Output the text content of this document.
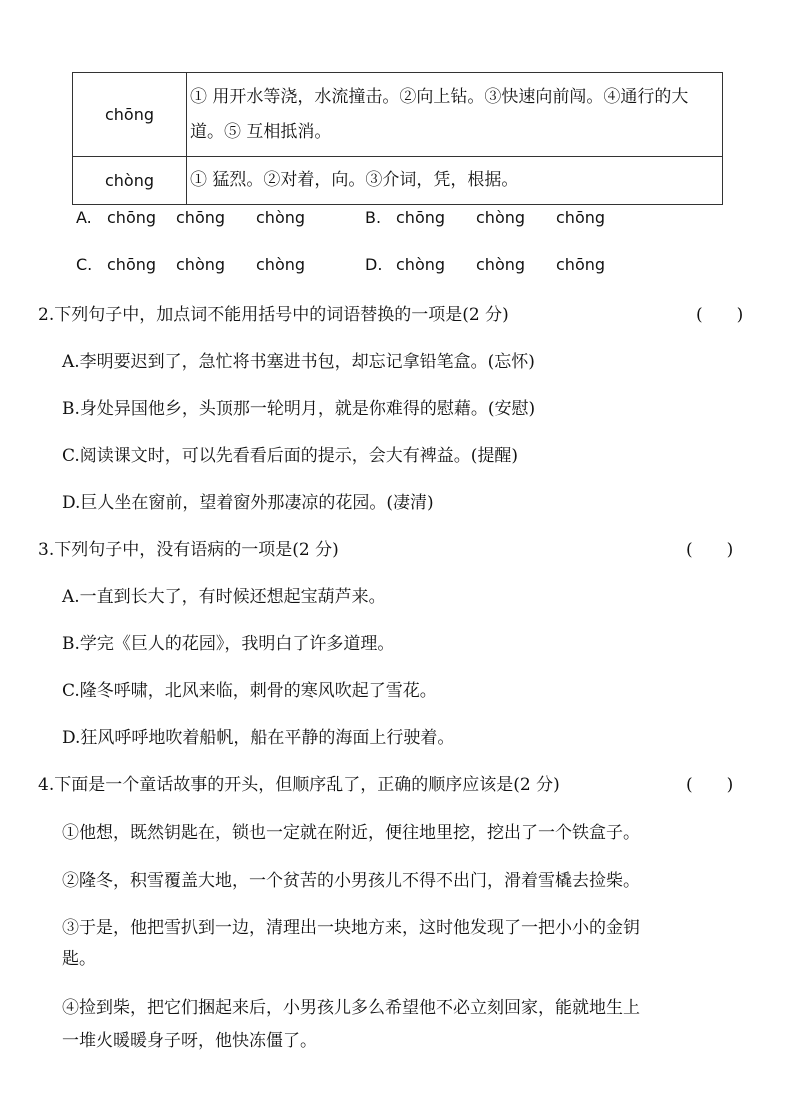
chōng	① 用开水等浇，水流撞击。②向上钻。③快速向前闯。④通行的大道。⑤ 互相抵消。
chòng	① 猛烈。②对着，向。③介词，凭，根据。
A. chōng chōng chòng	B. chōng chòng chōng
C. chōng chòng chòng	D. chòng chòng chōng
2.下列句子中，加点词不能用括号中的词语替换的一项是(2 分)	(　　)
A.李明要迟到了，急忙将书塞进书包，却忘记拿铅笔盒。(忘怀)
B.身处异国他乡，头顶那一轮明月，就是你难得的慰藉。(安慰)
C.阅读课文时，可以先看看后面的提示，会大有裨益。(提醒)
D.巨人坐在窗前，望着窗外那凄凉的花园。(凄清)
3.下列句子中，没有语病的一项是(2 分)	(　　)
A.一直到长大了，有时候还想起宝葫芦来。
B.学完《巨人的花园》，我明白了许多道理。
C.隆冬呼啸，北风来临，刺骨的寒风吹起了雪花。
D.狂风呼呼地吹着船帆，船在平静的海面上行驶着。
4.下面是一个童话故事的开头，但顺序乱了，正确的顺序应该是(2 分)	(　　)
①他想，既然钥匙在，锁也一定就在附近，便往地里挖，挖出了一个铁盒子。
②隆冬，积雪覆盖大地，一个贫苦的小男孩儿不得不出门，滑着雪橇去捡柴。
③于是，他把雪扒到一边，清理出一块地方来，这时他发现了一把小小的金钥
匙。
④捡到柴，把它们捆起来后，小男孩儿多么希望他不必立刻回家，能就地生上
一堆火暖暖身子呀，他快冻僵了。
